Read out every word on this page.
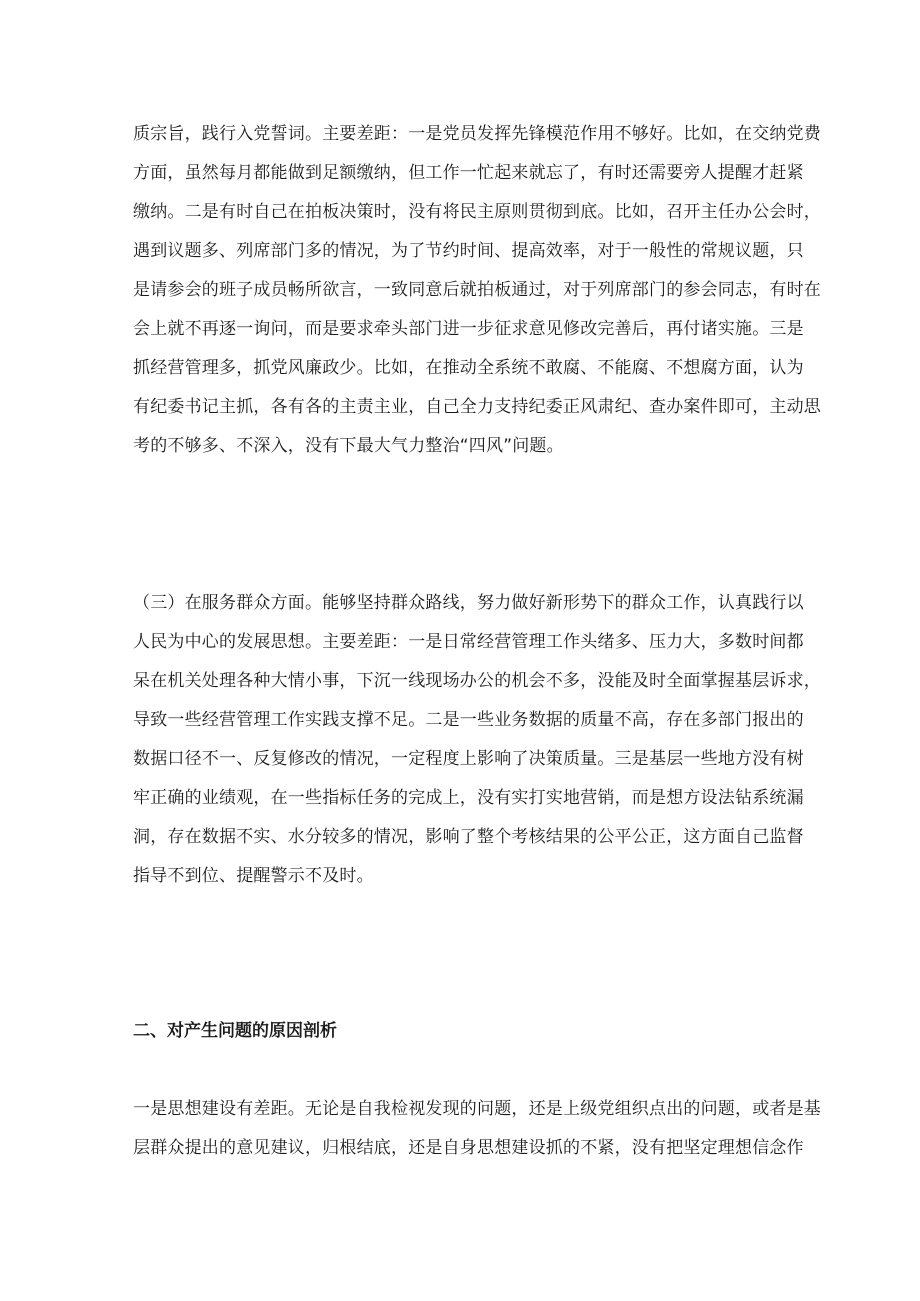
质宗旨，践行入党誓词。主要差距：一是党员发挥先锋模范作用不够好。比如，在交纳党费
方面，虽然每月都能做到足额缴纳，但工作一忙起来就忘了，有时还需要旁人提醒才赶紧
缴纳。二是有时自己在拍板决策时，没有将民主原则贯彻到底。比如，召开主任办公会时，
遇到议题多、列席部门多的情况，为了节约时间、提高效率，对于一般性的常规议题，只
是请参会的班子成员畅所欲言，一致同意后就拍板通过，对于列席部门的参会同志，有时在
会上就不再逐一询问，而是要求牵头部门进一步征求意见修改完善后，再付诸实施。三是
抓经营管理多，抓党风廉政少。比如，在推动全系统不敢腐、不能腐、不想腐方面，认为
有纪委书记主抓，各有各的主责主业，自己全力支持纪委正风肃纪、查办案件即可，主动思
考的不够多、不深入，没有下最大气力整治“四风”问题。
（三）在服务群众方面。能够坚持群众路线，努力做好新形势下的群众工作，认真践行以
人民为中心的发展思想。主要差距：一是日常经营管理工作头绪多、压力大，多数时间都
呆在机关处理各种大情小事，下沉一线现场办公的机会不多，没能及时全面掌握基层诉求，
导致一些经营管理工作实践支撑不足。二是一些业务数据的质量不高，存在多部门报出的
数据口径不一、反复修改的情况，一定程度上影响了决策质量。三是基层一些地方没有树
牢正确的业绩观，在一些指标任务的完成上，没有实打实地营销，而是想方设法钻系统漏
洞，存在数据不实、水分较多的情况，影响了整个考核结果的公平公正，这方面自己监督
指导不到位、提醒警示不及时。
二、对产生问题的原因剖析
一是思想建设有差距。无论是自我检视发现的问题，还是上级党组织点出的问题，或者是基
层群众提出的意见建议，归根结底，还是自身思想建设抓的不紧，没有把坚定理想信念作
